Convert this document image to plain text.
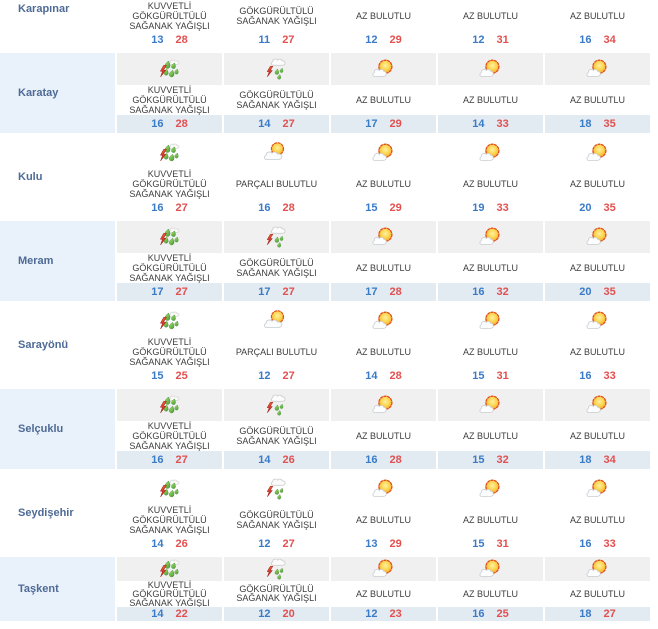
Karapınar	KUVVETLİ GÖKGÜRÜLTÜLÜ SAĞANAK YAĞIŞLI
13 28
GÖKGÜRÜLTÜLÜ SAĞANAK YAĞIŞLI
11 27
AZ BULUTLU
12 29
AZ BULUTLU
12 31
AZ BULUTLU
16 34
Karatay	KUVVETLİ GÖKGÜRÜLTÜLÜ SAĞANAK YAĞIŞLI
16 28
GÖKGÜRÜLTÜLÜ SAĞANAK YAĞIŞLI
14 27
AZ BULUTLU
17 29
AZ BULUTLU
14 33
AZ BULUTLU
18 35
Kulu	KUVVETLİ GÖKGÜRÜLTÜLÜ SAĞANAK YAĞIŞLI
16 27
PARÇALI BULUTLU
16 28
AZ BULUTLU
15 29
AZ BULUTLU
19 33
AZ BULUTLU
20 35
Meram	KUVVETLİ GÖKGÜRÜLTÜLÜ SAĞANAK YAĞIŞLI
17 27
GÖKGÜRÜLTÜLÜ SAĞANAK YAĞIŞLI
17 27
AZ BULUTLU
17 28
AZ BULUTLU
16 32
AZ BULUTLU
20 35
Sarayönü	KUVVETLİ GÖKGÜRÜLTÜLÜ SAĞANAK YAĞIŞLI
15 25
PARÇALI BULUTLU
12 27
AZ BULUTLU
14 28
AZ BULUTLU
15 31
AZ BULUTLU
16 33
Selçuklu	KUVVETLİ GÖKGÜRÜLTÜLÜ SAĞANAK YAĞIŞLI
16 27
GÖKGÜRÜLTÜLÜ SAĞANAK YAĞIŞLI
14 26
AZ BULUTLU
16 28
AZ BULUTLU
15 32
AZ BULUTLU
18 34
Seydişehir	KUVVETLİ GÖKGÜRÜLTÜLÜ SAĞANAK YAĞIŞLI
14 26
GÖKGÜRÜLTÜLÜ SAĞANAK YAĞIŞLI
12 27
AZ BULUTLU
13 29
AZ BULUTLU
15 31
AZ BULUTLU
16 33
Taşkent	KUVVETLİ GÖKGÜRÜLTÜLÜ SAĞANAK YAĞIŞLI
14 22
GÖKGÜRÜLTÜLÜ SAĞANAK YAĞIŞLI
12 20
AZ BULUTLU
12 23
AZ BULUTLU
16 25
AZ BULUTLU
18 27
